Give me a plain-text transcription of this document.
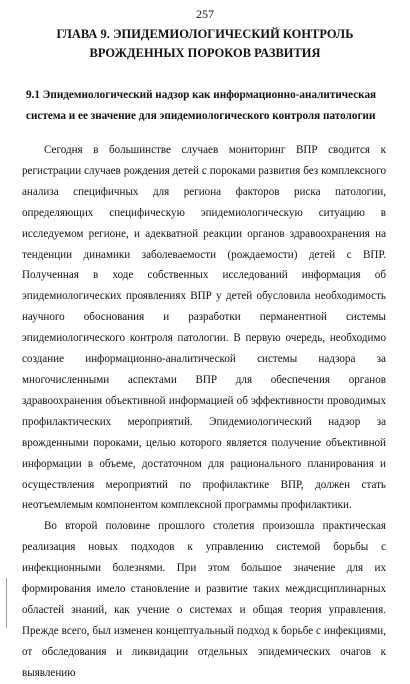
257
ГЛАВА 9. ЭПИДЕМИОЛОГИЧЕСКИЙ КОНТРОЛЬ ВРОЖДЕННЫХ ПОРОКОВ РАЗВИТИЯ
9.1 Эпидемиологический надзор как информационно-аналитическая система и ее значение для эпидемиологического контроля патологии

Сегодня в большинстве случаев мониторинг ВПР сводится к регистрации случаев рождения детей с пороками развития без комплексного анализа специфичных для региона факторов риска патологии, определяющих специфическую эпидемиологическую ситуацию в исследуемом регионе, и адекватной реакции органов здравоохранения на тенденции динамики заболеваемости (рождаемости) детей с ВПР. Полученная в ходе собственных исследований информация об эпидемиологических проявлениях ВПР у детей обусловила необходимость научного обоснования и разработки перманентной системы эпидемиологического контроля патологии. В первую очередь, необходимо создание информационно-аналитической системы надзора за многочисленными аспектами ВПР для обеспечения органов здравоохранения объективной информацией об эффективности проводимых профилактических мероприятий. Эпидемиологический надзор за врожденными пороками, целью которого является получение объективной информации в объеме, достаточном для рационального планирования и осуществления мероприятий по профилактике ВПР, должен стать неотъемлемым компонентом комплексной программы профилактики.

Во второй половине прошлого столетия произошла практическая реализация новых подходов к управлению системой борьбы с инфекционными болезнями. При этом большое значение для их формирования имело становление и развитие таких междисциплинарных областей знаний, как учение о системах и общая теория управления. Прежде всего, был изменен концептуальный подход к борьбе с инфекциями, от обследования и ликвидации отдельных эпидемических очагов к выявлению
